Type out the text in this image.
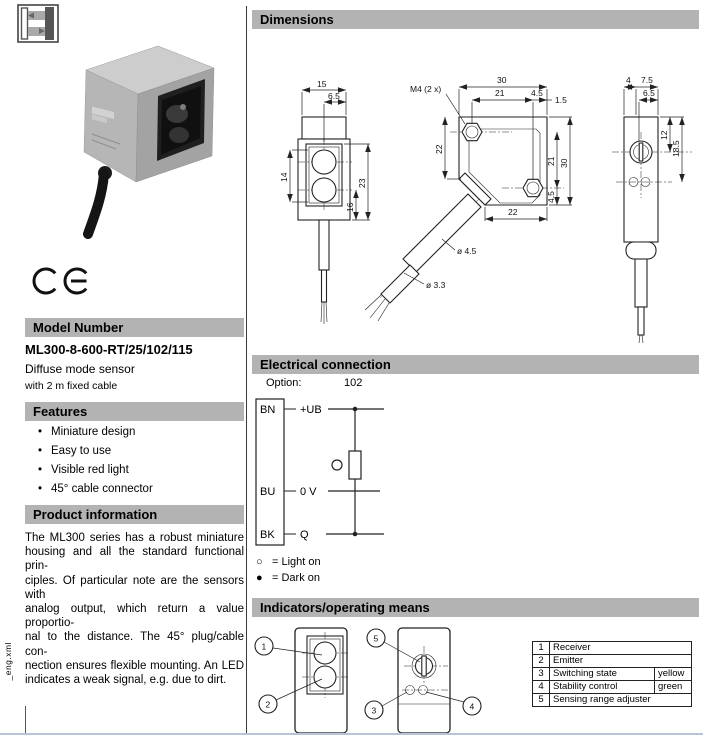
Model Number
ML300-8-600-RT/25/102/115
Diffuse mode sensor
with 2 m fixed cable
Features
• Miniature design
• Easy to use
• Visible red light
• 45° cable connector
Product information
The ML300 series has a robust miniature
housing and all the standard functional prin-
ciples. Of particular note are the sensors with
analog output, which return a value proportio-
nal to the distance. The 45° plug/cable con-
nection ensures flexible mounting. An LED
indicates a weak signal, e.g. due to dirt.
_eng.xml
Dimensions
15
6.5
14
16
23
30
21	4.5
1.5
M4 (2 x)
22
21
4.5
30
22
ø 4.5
ø 3.3
4 7.5
6.5
12
18.5
Electrical connection
Option:	102
BN
BU
BK
+UB
0 V
Q
○ = Light on
● = Dark on
Indicators/operating means
1
2
5
3	4
1	Receiver	
2	Emitter	
3	Switching state	yellow
4	Stability control	green
5	Sensing range adjuster	
